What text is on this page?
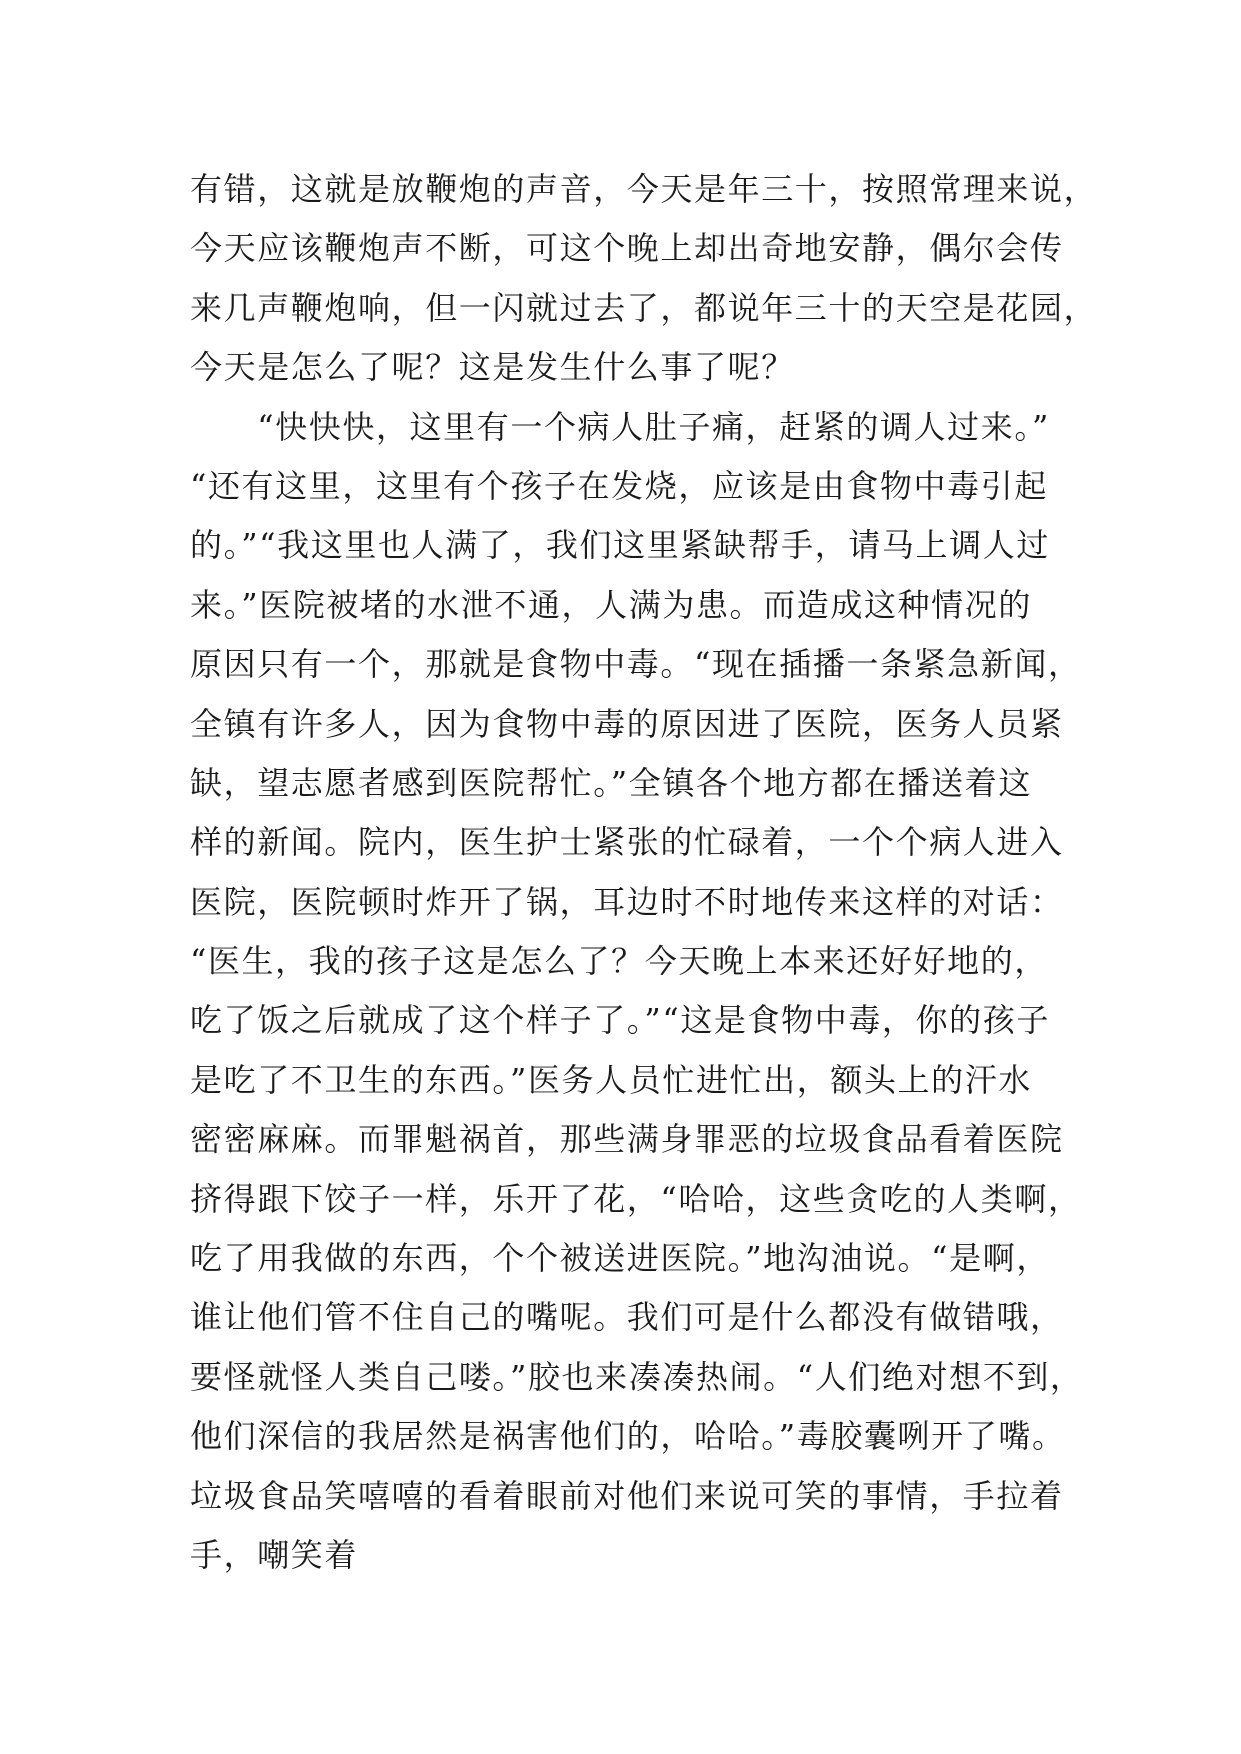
有错，这就是放鞭炮的声音，今天是年三十，按照常理来说，
今天应该鞭炮声不断，可这个晚上却出奇地安静，偶尔会传
来几声鞭炮响，但一闪就过去了，都说年三十的天空是花园，
今天是怎么了呢？这是发生什么事了呢？
　　“快快快，这里有一个病人肚子痛，赶紧的调人过来。”
“还有这里，这里有个孩子在发烧，应该是由食物中毒引起
的。”“我这里也人满了，我们这里紧缺帮手，请马上调人过
来。”医院被堵的水泄不通，人满为患。而造成这种情况的
原因只有一个，那就是食物中毒。“现在插播一条紧急新闻，
全镇有许多人，因为食物中毒的原因进了医院，医务人员紧
缺，望志愿者感到医院帮忙。”全镇各个地方都在播送着这
样的新闻。院内，医生护士紧张的忙碌着，一个个病人进入
医院，医院顿时炸开了锅，耳边时不时地传来这样的对话：
“医生，我的孩子这是怎么了？今天晚上本来还好好地的，
吃了饭之后就成了这个样子了。”“这是食物中毒，你的孩子
是吃了不卫生的东西。”医务人员忙进忙出，额头上的汗水
密密麻麻。而罪魁祸首，那些满身罪恶的垃圾食品看着医院
挤得跟下饺子一样，乐开了花，“哈哈，这些贪吃的人类啊，
吃了用我做的东西，个个被送进医院。”地沟油说。“是啊，
谁让他们管不住自己的嘴呢。我们可是什么都没有做错哦，
要怪就怪人类自己喽。”胶也来凑凑热闹。“人们绝对想不到，
他们深信的我居然是祸害他们的，哈哈。”毒胶囊咧开了嘴。
垃圾食品笑嘻嘻的看着眼前对他们来说可笑的事情，手拉着
手，嘲笑着
